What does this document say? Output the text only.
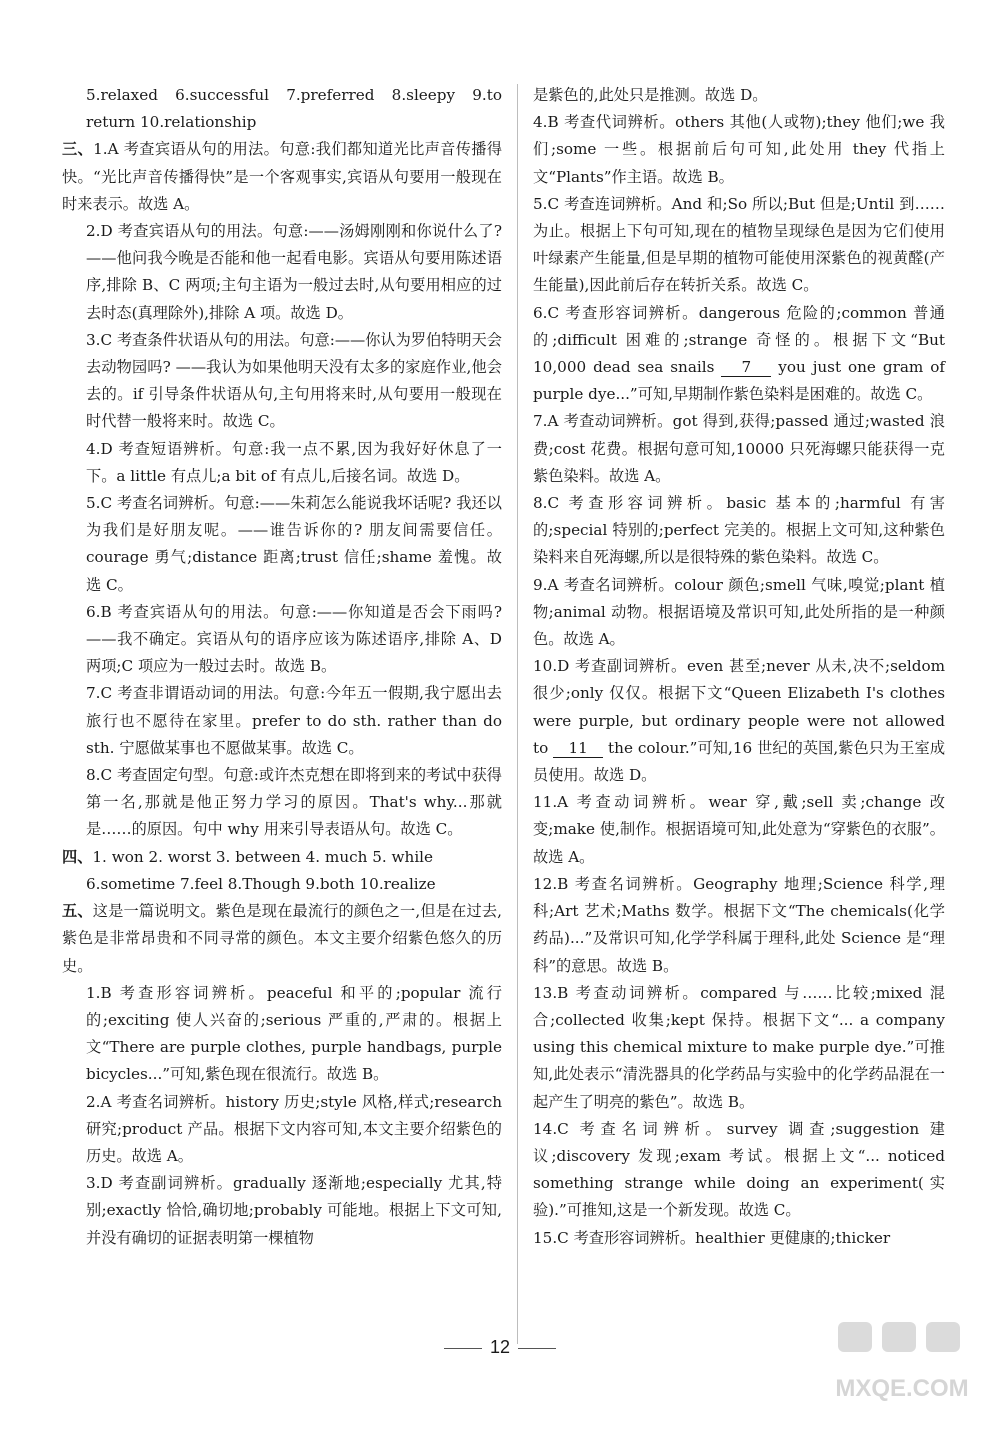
5.relaxed 6.successful 7.preferred 8.sleepy 9.to return 10.relationship

三、1.A 考查宾语从句的用法。句意:我们都知道光比声音传播得快。“光比声音传播得快”是一个客观事实,宾语从句要用一般现在时来表示。故选 A。

2.D 考查宾语从句的用法。句意:——汤姆刚刚和你说什么了? ——他问我今晚是否能和他一起看电影。宾语从句要用陈述语序,排除 B、C 两项;主句主语为一般过去时,从句要用相应的过去时态(真理除外),排除 A 项。故选 D。

3.C 考查条件状语从句的用法。句意:——你认为罗伯特明天会去动物园吗? ——我认为如果他明天没有太多的家庭作业,他会去的。if 引导条件状语从句,主句用将来时,从句要用一般现在时代替一般将来时。故选 C。

4.D 考查短语辨析。句意:我一点不累,因为我好好休息了一下。a little 有点儿;a bit of 有点儿,后接名词。故选 D。

5.C 考查名词辨析。句意:——朱莉怎么能说我坏话呢? 我还以为我们是好朋友呢。——谁告诉你的? 朋友间需要信任。courage 勇气;distance 距离;trust 信任;shame 羞愧。故选 C。

6.B 考查宾语从句的用法。句意:——你知道是否会下雨吗? ——我不确定。宾语从句的语序应该为陈述语序,排除 A、D 两项;C 项应为一般过去时。故选 B。

7.C 考查非谓语动词的用法。句意:今年五一假期,我宁愿出去旅行也不愿待在家里。prefer to do sth. rather than do sth. 宁愿做某事也不愿做某事。故选 C。

8.C 考查固定句型。句意:或许杰克想在即将到来的考试中获得第一名,那就是他正努力学习的原因。That's why...那就是……的原因。句中 why 用来引导表语从句。故选 C。

四、1. won 2. worst 3. between 4. much 5. while

6.sometime 7.feel 8.Though 9.both 10.realize

五、这是一篇说明文。紫色是现在最流行的颜色之一,但是在过去,紫色是非常昂贵和不同寻常的颜色。本文主要介绍紫色悠久的历史。

1.B 考查形容词辨析。peaceful 和平的;popular 流行的;exciting 使人兴奋的;serious 严重的,严肃的。根据上文“There are purple clothes, purple handbags, purple bicycles...”可知,紫色现在很流行。故选 B。

2.A 考查名词辨析。history 历史;style 风格,样式;research 研究;product 产品。根据下文内容可知,本文主要介绍紫色的历史。故选 A。

3.D 考查副词辨析。gradually 逐渐地;especially 尤其,特别;exactly 恰恰,确切地;probably 可能地。根据上下文可知,并没有确切的证据表明第一棵植物

是紫色的,此处只是推测。故选 D。

4.B 考查代词辨析。others 其他(人或物);they 他们;we 我们;some 一些。根据前后句可知,此处用 they 代指上文“Plants”作主语。故选 B。

5.C 考查连词辨析。And 和;So 所以;But 但是;Until 到……为止。根据上下句可知,现在的植物呈现绿色是因为它们使用叶绿素产生能量,但是早期的植物可能使用深紫色的视黄醛(产生能量),因此前后存在转折关系。故选 C。

6.C 考查形容词辨析。dangerous 危险的;common 普通的;difficult 困难的;strange 奇怪的。根据下文“But 10,000 dead sea snails 7 you just one gram of purple dye...”可知,早期制作紫色染料是困难的。故选 C。

7.A 考查动词辨析。got 得到,获得;passed 通过;wasted 浪费;cost 花费。根据句意可知,10000 只死海螺只能获得一克紫色染料。故选 A。

8.C 考查形容词辨析。basic 基本的;harmful 有害的;special 特别的;perfect 完美的。根据上文可知,这种紫色染料来自死海螺,所以是很特殊的紫色染料。故选 C。

9.A 考查名词辨析。colour 颜色;smell 气味,嗅觉;plant 植物;animal 动物。根据语境及常识可知,此处所指的是一种颜色。故选 A。

10.D 考查副词辨析。even 甚至;never 从未,决不;seldom 很少;only 仅仅。根据下文“Queen Elizabeth I's clothes were purple, but ordinary people were not allowed to 11 the colour.”可知,16 世纪的英国,紫色只为王室成员使用。故选 D。

11.A 考查动词辨析。wear 穿,戴;sell 卖;change 改变;make 使,制作。根据语境可知,此处意为“穿紫色的衣服”。故选 A。

12.B 考查名词辨析。Geography 地理;Science 科学,理科;Art 艺术;Maths 数学。根据下文“The chemicals(化学药品)...”及常识可知,化学学科属于理科,此处 Science 是“理科”的意思。故选 B。

13.B 考查动词辨析。compared 与……比较;mixed 混合;collected 收集;kept 保持。根据下文“... a company using this chemical mixture to make purple dye.”可推知,此处表示“清洗器具的化学药品与实验中的化学药品混在一起产生了明亮的紫色”。故选 B。

14.C 考查名词辨析。survey 调查;suggestion 建议;discovery 发现;exam 考试。根据上文“... noticed something strange while doing an experiment(实验).”可推知,这是一个新发现。故选 C。

15.C 考查形容词辨析。healthier 更健康的;thicker

12
MXQE.COM
